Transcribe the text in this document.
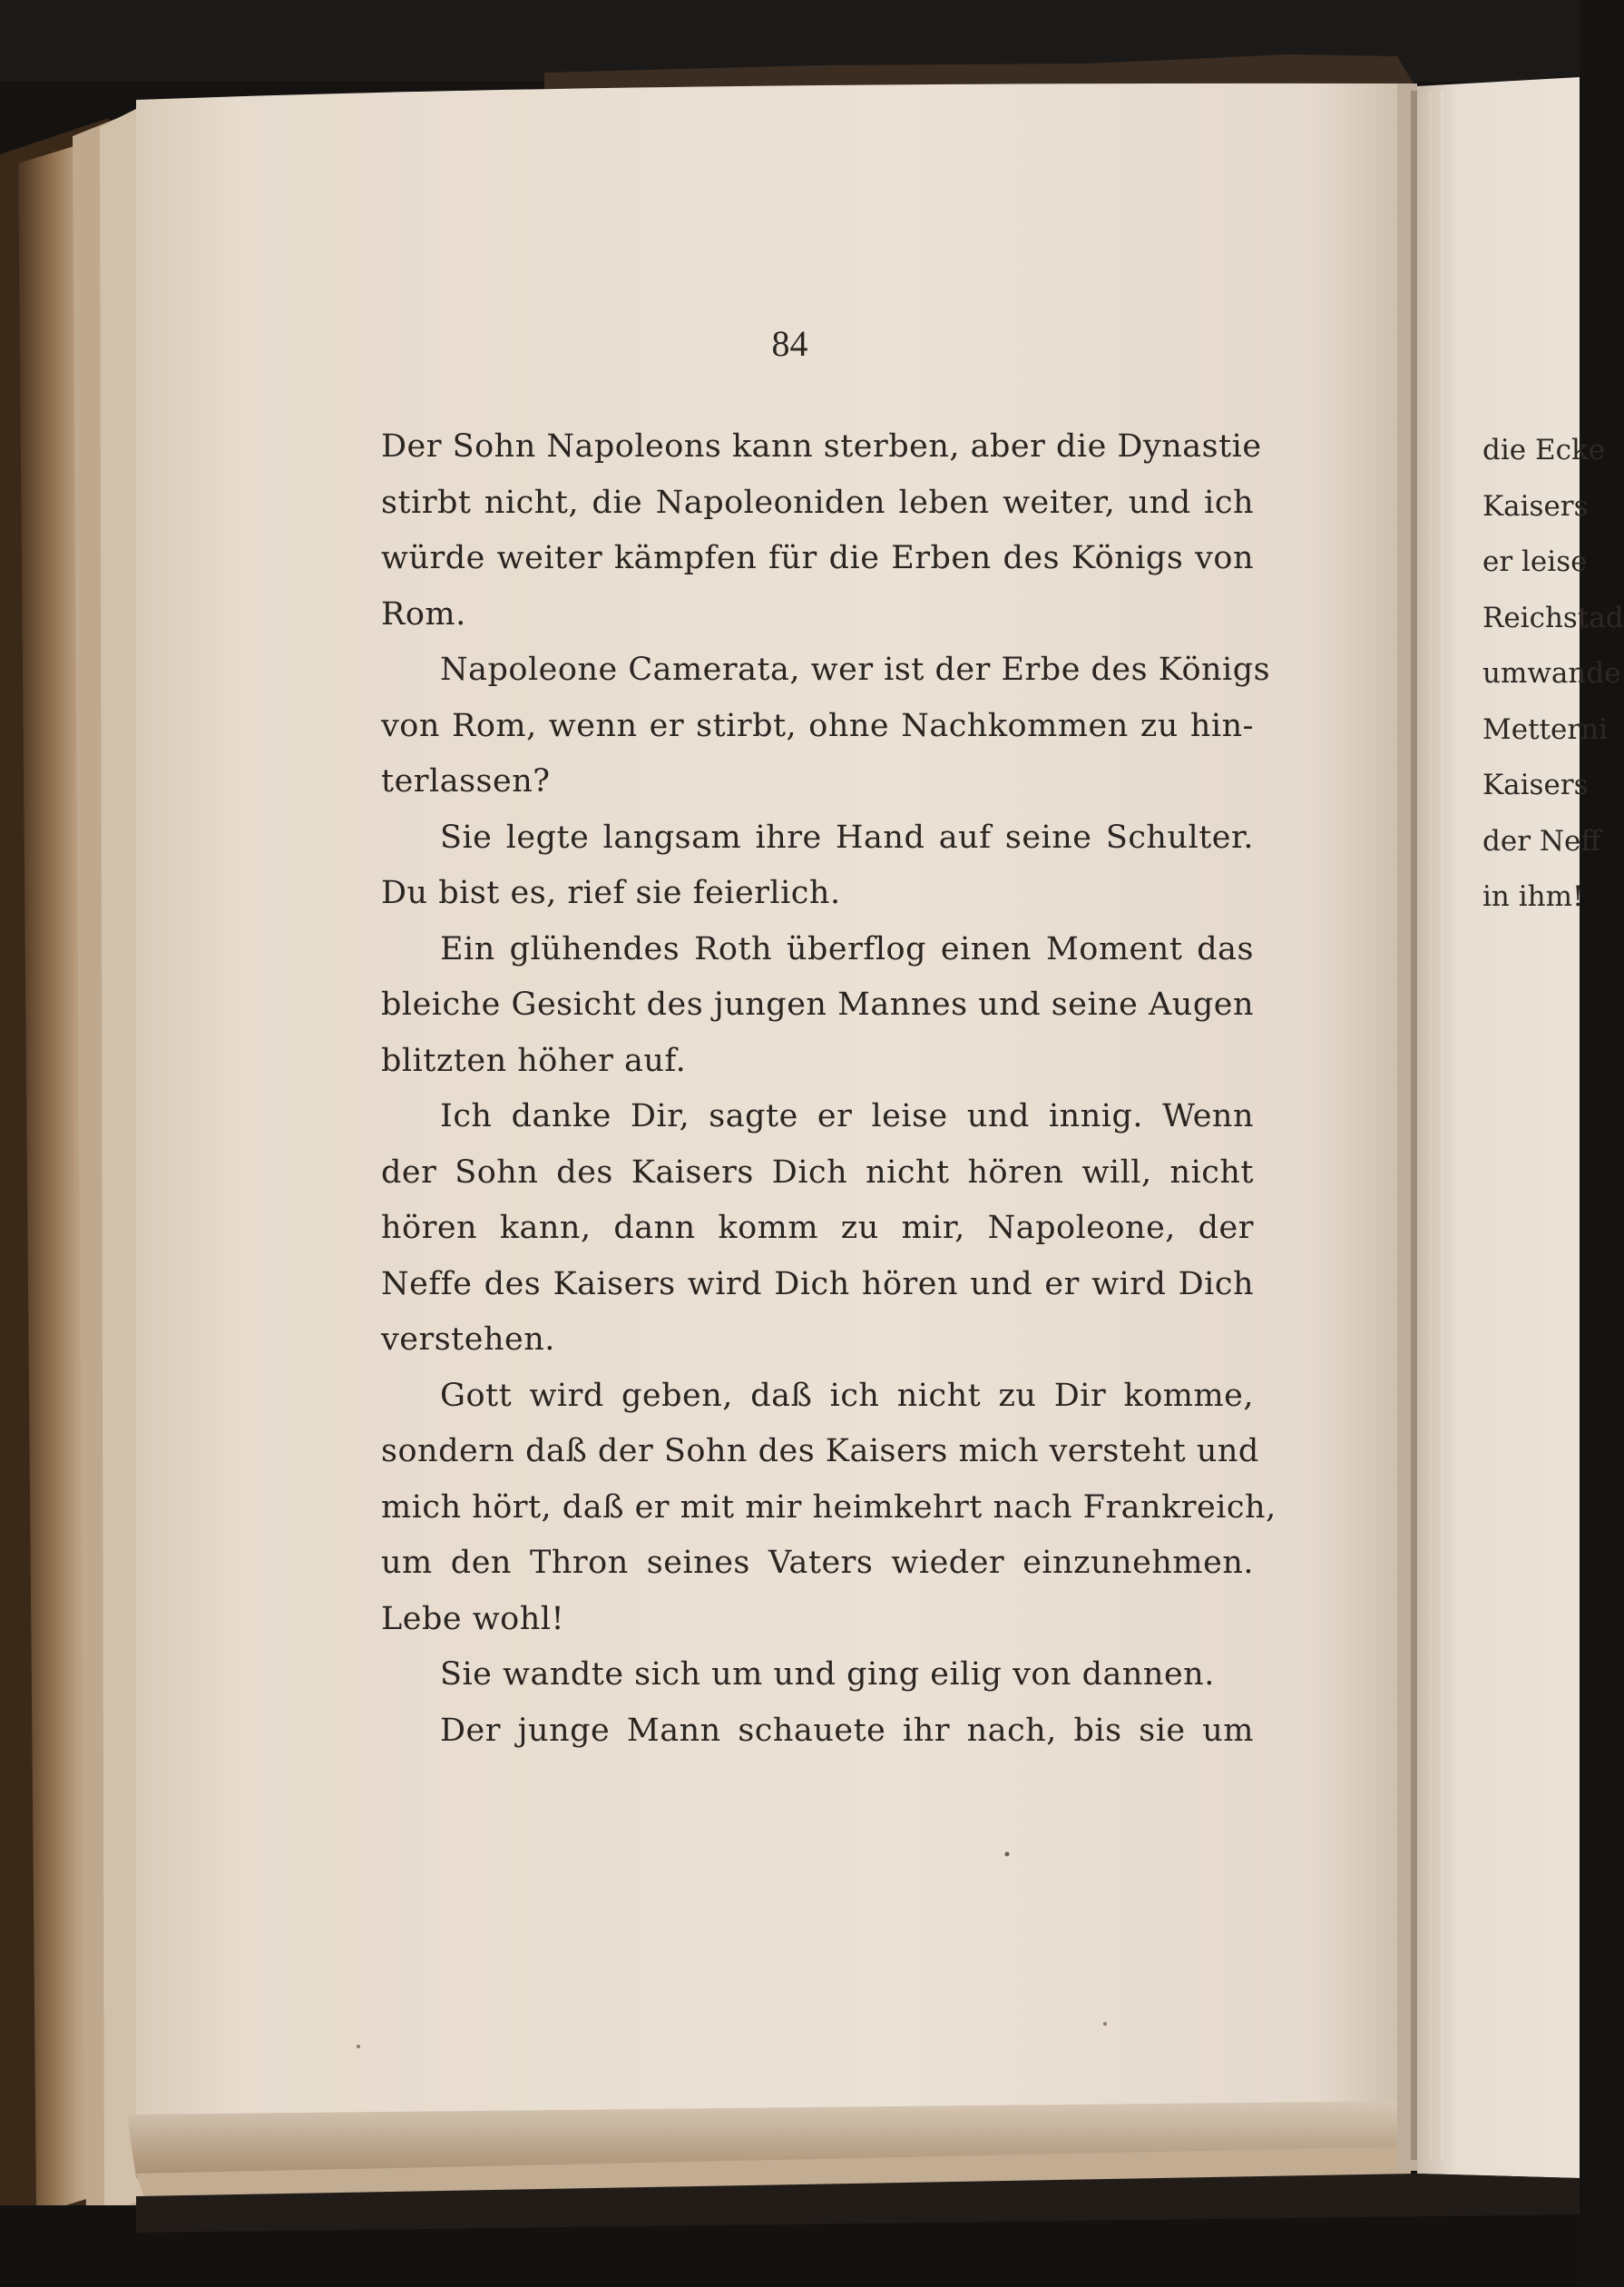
84
Der Sohn Napoleons kann sterben, aber die Dynastie
stirbt nicht, die Napoleoniden leben weiter, und ich
würde weiter kämpfen für die Erben des Königs von
Rom.
Napoleone Camerata, wer ist der Erbe des Königs
von Rom, wenn er stirbt, ohne Nachkommen zu hin-
terlassen?
Sie legte langsam ihre Hand auf seine Schulter.
Du bist es, rief sie feierlich.
Ein glühendes Roth überflog einen Moment das
bleiche Gesicht des jungen Mannes und seine Augen
blitzten höher auf.
Ich danke Dir, sagte er leise und innig. Wenn
der Sohn des Kaisers Dich nicht hören will, nicht
hören kann, dann komm zu mir, Napoleone, der
Neffe des Kaisers wird Dich hören und er wird Dich
verstehen.
Gott wird geben, daß ich nicht zu Dir komme,
sondern daß der Sohn des Kaisers mich versteht und
mich hört, daß er mit mir heimkehrt nach Frankreich,
um den Thron seines Vaters wieder einzunehmen.
Lebe wohl!
Sie wandte sich um und ging eilig von dannen.
Der junge Mann schauete ihr nach, bis sie um
die Ecke
Kaisers
er leise
Reichstad
umwande
Metterni
Kaisers
der Neff
in ihm!
